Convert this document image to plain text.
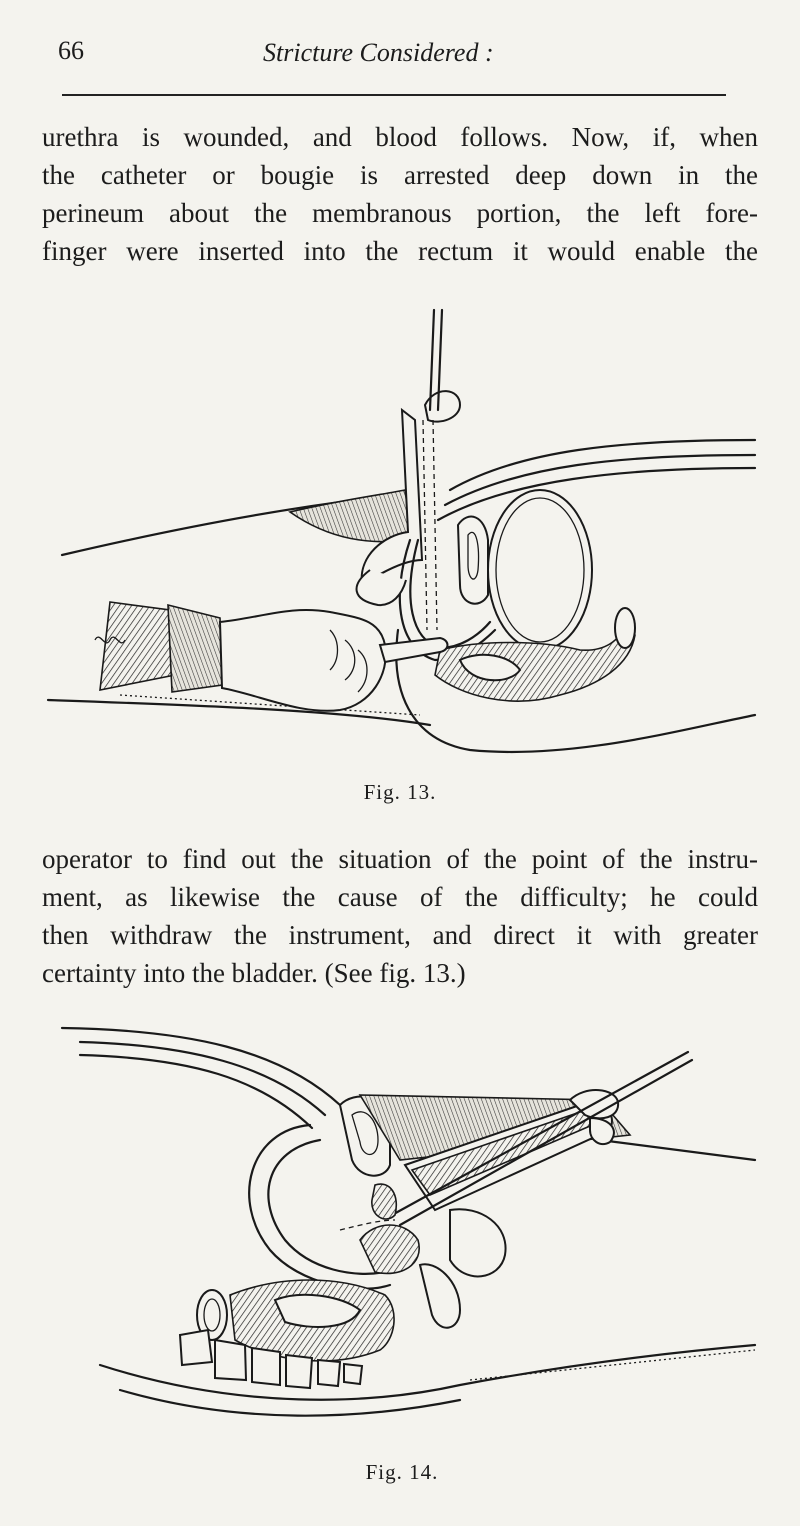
66	Stricture Considered :
urethra is wounded, and blood follows. Now, if, when
the catheter or bougie is arrested deep down in the
perineum about the membranous portion, the left fore-
finger were inserted into the rectum it would enable the
Fig. 13.
operator to find out the situation of the point of the instru-
ment, as likewise the cause of the difficulty; he could
then withdraw the instrument, and direct it with greater
certainty into the bladder. (See fig. 13.)
Fig. 14.
